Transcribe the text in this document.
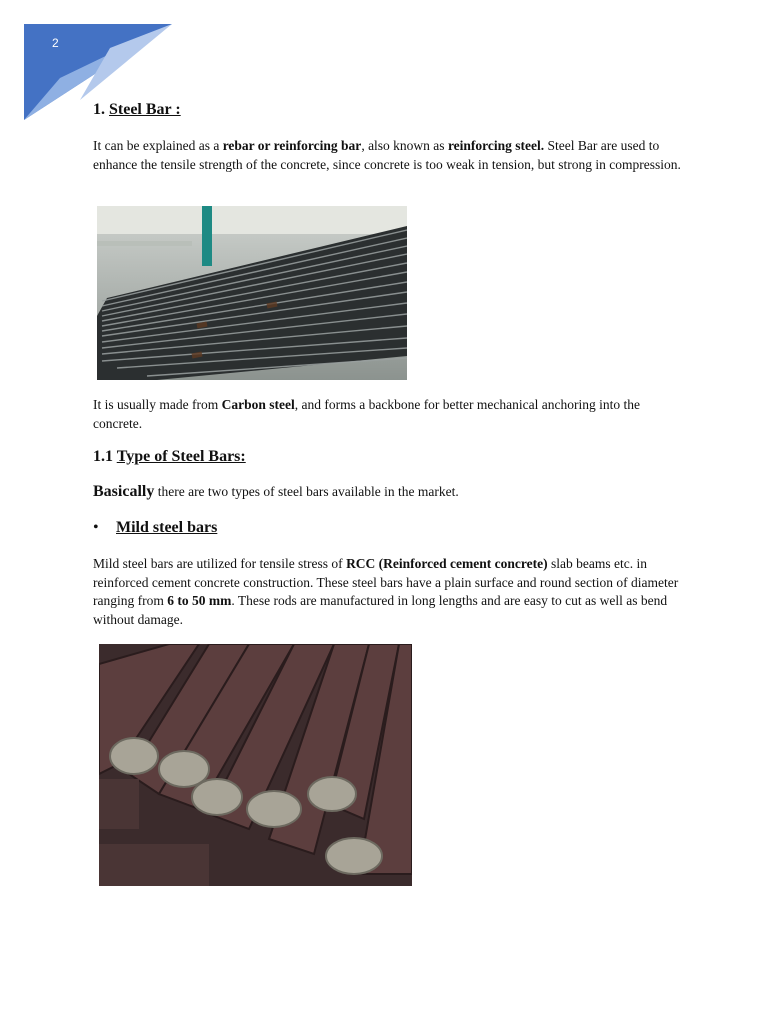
2
1. Steel Bar :

It can be explained as a rebar or reinforcing bar, also known as reinforcing steel. Steel Bar are used to enhance the tensile strength of the concrete, since concrete is too weak in tension, but strong in compression.

It is usually made from Carbon steel, and forms a backbone for better mechanical anchoring into the concrete.

1.1 Type of Steel Bars:

Basically there are two types of steel bars available in the market.

• Mild steel bars

Mild steel bars are utilized for tensile stress of RCC (Reinforced cement concrete) slab beams etc. in reinforced cement concrete construction. These steel bars have a plain surface and round section of diameter ranging from 6 to 50 mm. These rods are manufactured in long lengths and are easy to cut as well as bend without damage.
